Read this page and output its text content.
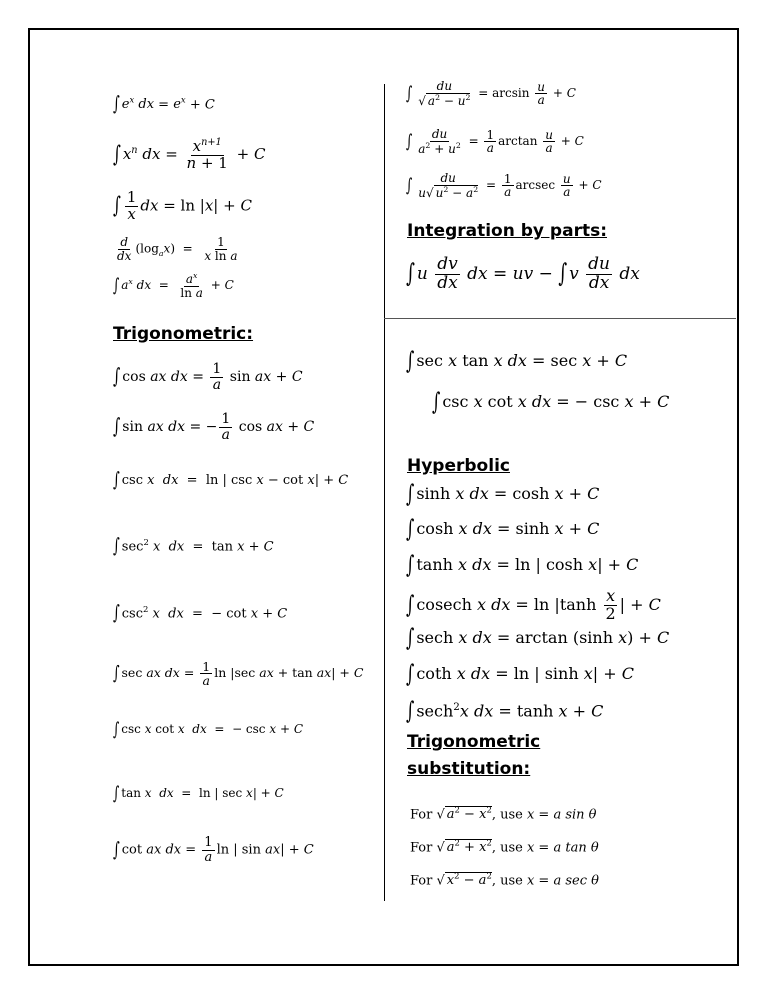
∫ $e^x$ dx = $e^x + C$
∫ $x^n$ dx = $\frac{x^{n+1}}{n + 1} + C$
∫ $\frac{1}{x}$ dx = ln |x| + C
$\frac{d}{dx} (\log_ax) = \frac{1}{\text{x ln a}}$
∫ $a^x$ dx  = $\frac{a^x}{\text{ln a}} + C$
Trigonometric:
∫ cos ax dx = $\frac{1}{a}$ sin ax + C
∫ sin ax dx = − $\frac{1}{a}$ cos ax + C
∫ csc x dx  =  ln | csc x − cot x| + C
∫ $\sec^2 x$ dx  =  tan x + C
∫ $\csc^2 x$ dx  =  − cot x + C
∫ sec ax dx = $\frac{1}{a}$ ln |sec ax + tan ax| + C
∫ csc x cot x dx  =  − csc x + C
∫ tan x dx  =  ln | sec x| + C
∫ cot ax dx = $\frac{1}{a}$ ln | sin ax| + C
∫ $\frac{du}{√ a^2 - u^2} = \arcsin \frac{u}{a} + C$
∫ $\frac{du}{a^2 + u^2} = \frac{1}{a}$ $\arctan \frac{u}{a} + C$
∫ $\frac{du}{u√ u^2 - a^2} = \frac{1}{a}$ arcsec $\frac{u}{a} + C$
Integration by parts:
∫ u $\frac{dv}{dx}$ dx = uv − ∫ v $\frac{du}{dx}$ dx
∫ sec x tan x dx = sec x + C
∫ csc x cot x dx = − csc x + C
Hyperbolic
∫ sinh x dx = cosh x + C
∫ cosh x dx = sinh x + C
∫ tanh x dx = ln | cosh x| + C
∫ cosech x dx = $\ln |\tanh \frac{x}{2}$ | + C
∫ sech x dx = arctan (sinh x) + C
∫ coth x dx = ln | sinh x| + C
∫ sech$^2$x dx = tanh x + C
Trigonometric
substitution:
For √ $a^2 - x^2$, use x = a sin θ
For √ $a^2 + x^2$, use x = a tan θ
For √ $x^2 - a^2$, use x = a sec θ
